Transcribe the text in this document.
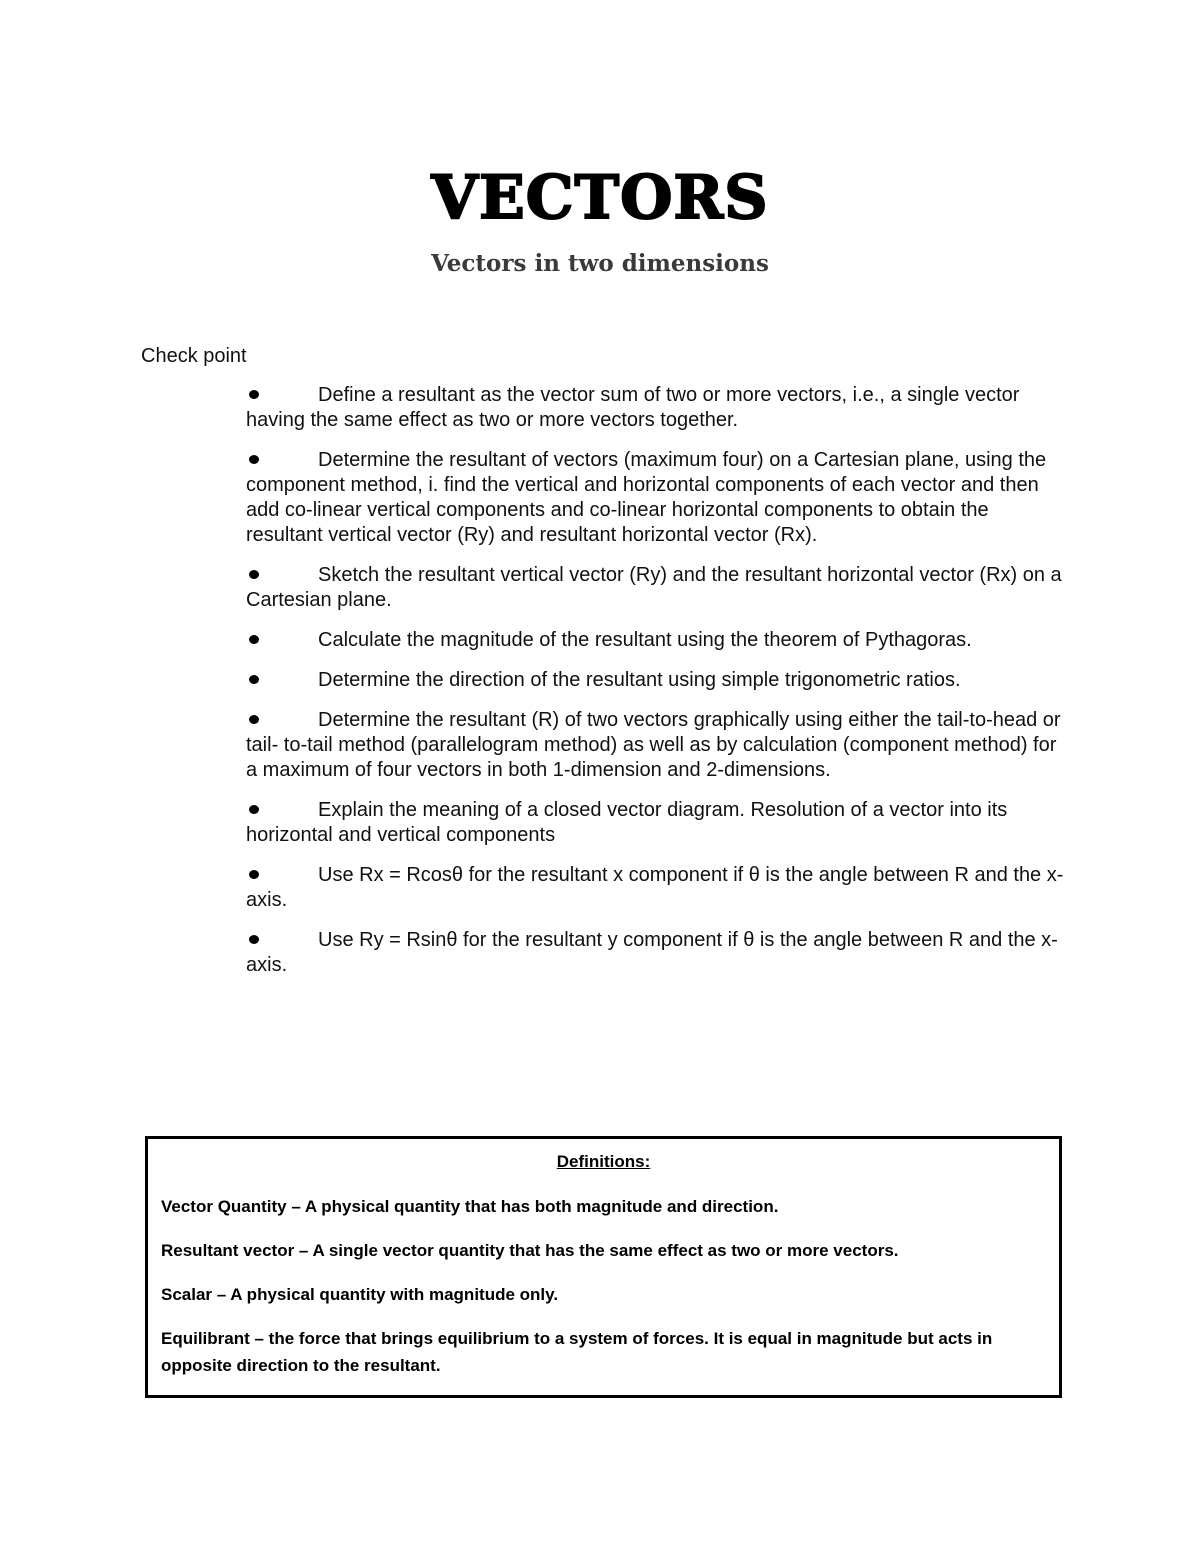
VECTORS
Vectors in two dimensions
Check point
Define a resultant as the vector sum of two or more vectors, i.e., a single vector having the same effect as two or more vectors together.
Determine the resultant of vectors (maximum four) on a Cartesian plane, using the component method, i. find the vertical and horizontal components of each vector and then add co-linear vertical components and co-linear horizontal components to obtain the resultant vertical vector (Ry) and resultant horizontal vector (Rx).
Sketch the resultant vertical vector (Ry) and the resultant horizontal vector (Rx) on a Cartesian plane.
Calculate the magnitude of the resultant using the theorem of Pythagoras.
Determine the direction of the resultant using simple trigonometric ratios.
Determine the resultant (R) of two vectors graphically using either the tail-to-head or tail- to-tail method (parallelogram method) as well as by calculation (component method) for a maximum of four vectors in both 1-dimension and 2-dimensions.
Explain the meaning of a closed vector diagram. Resolution of a vector into its horizontal and vertical components
Use Rx = Rcosθ for the resultant x component if θ is the angle between R and the x-axis.
Use Ry = Rsinθ for the resultant y component if θ is the angle between R and the x-axis.
Definitions:
Vector Quantity – A physical quantity that has both magnitude and direction.
Resultant vector – A single vector quantity that has the same effect as two or more vectors.
Scalar – A physical quantity with magnitude only.
Equilibrant – the force that brings equilibrium to a system of forces. It is equal in magnitude but acts in opposite direction to the resultant.
